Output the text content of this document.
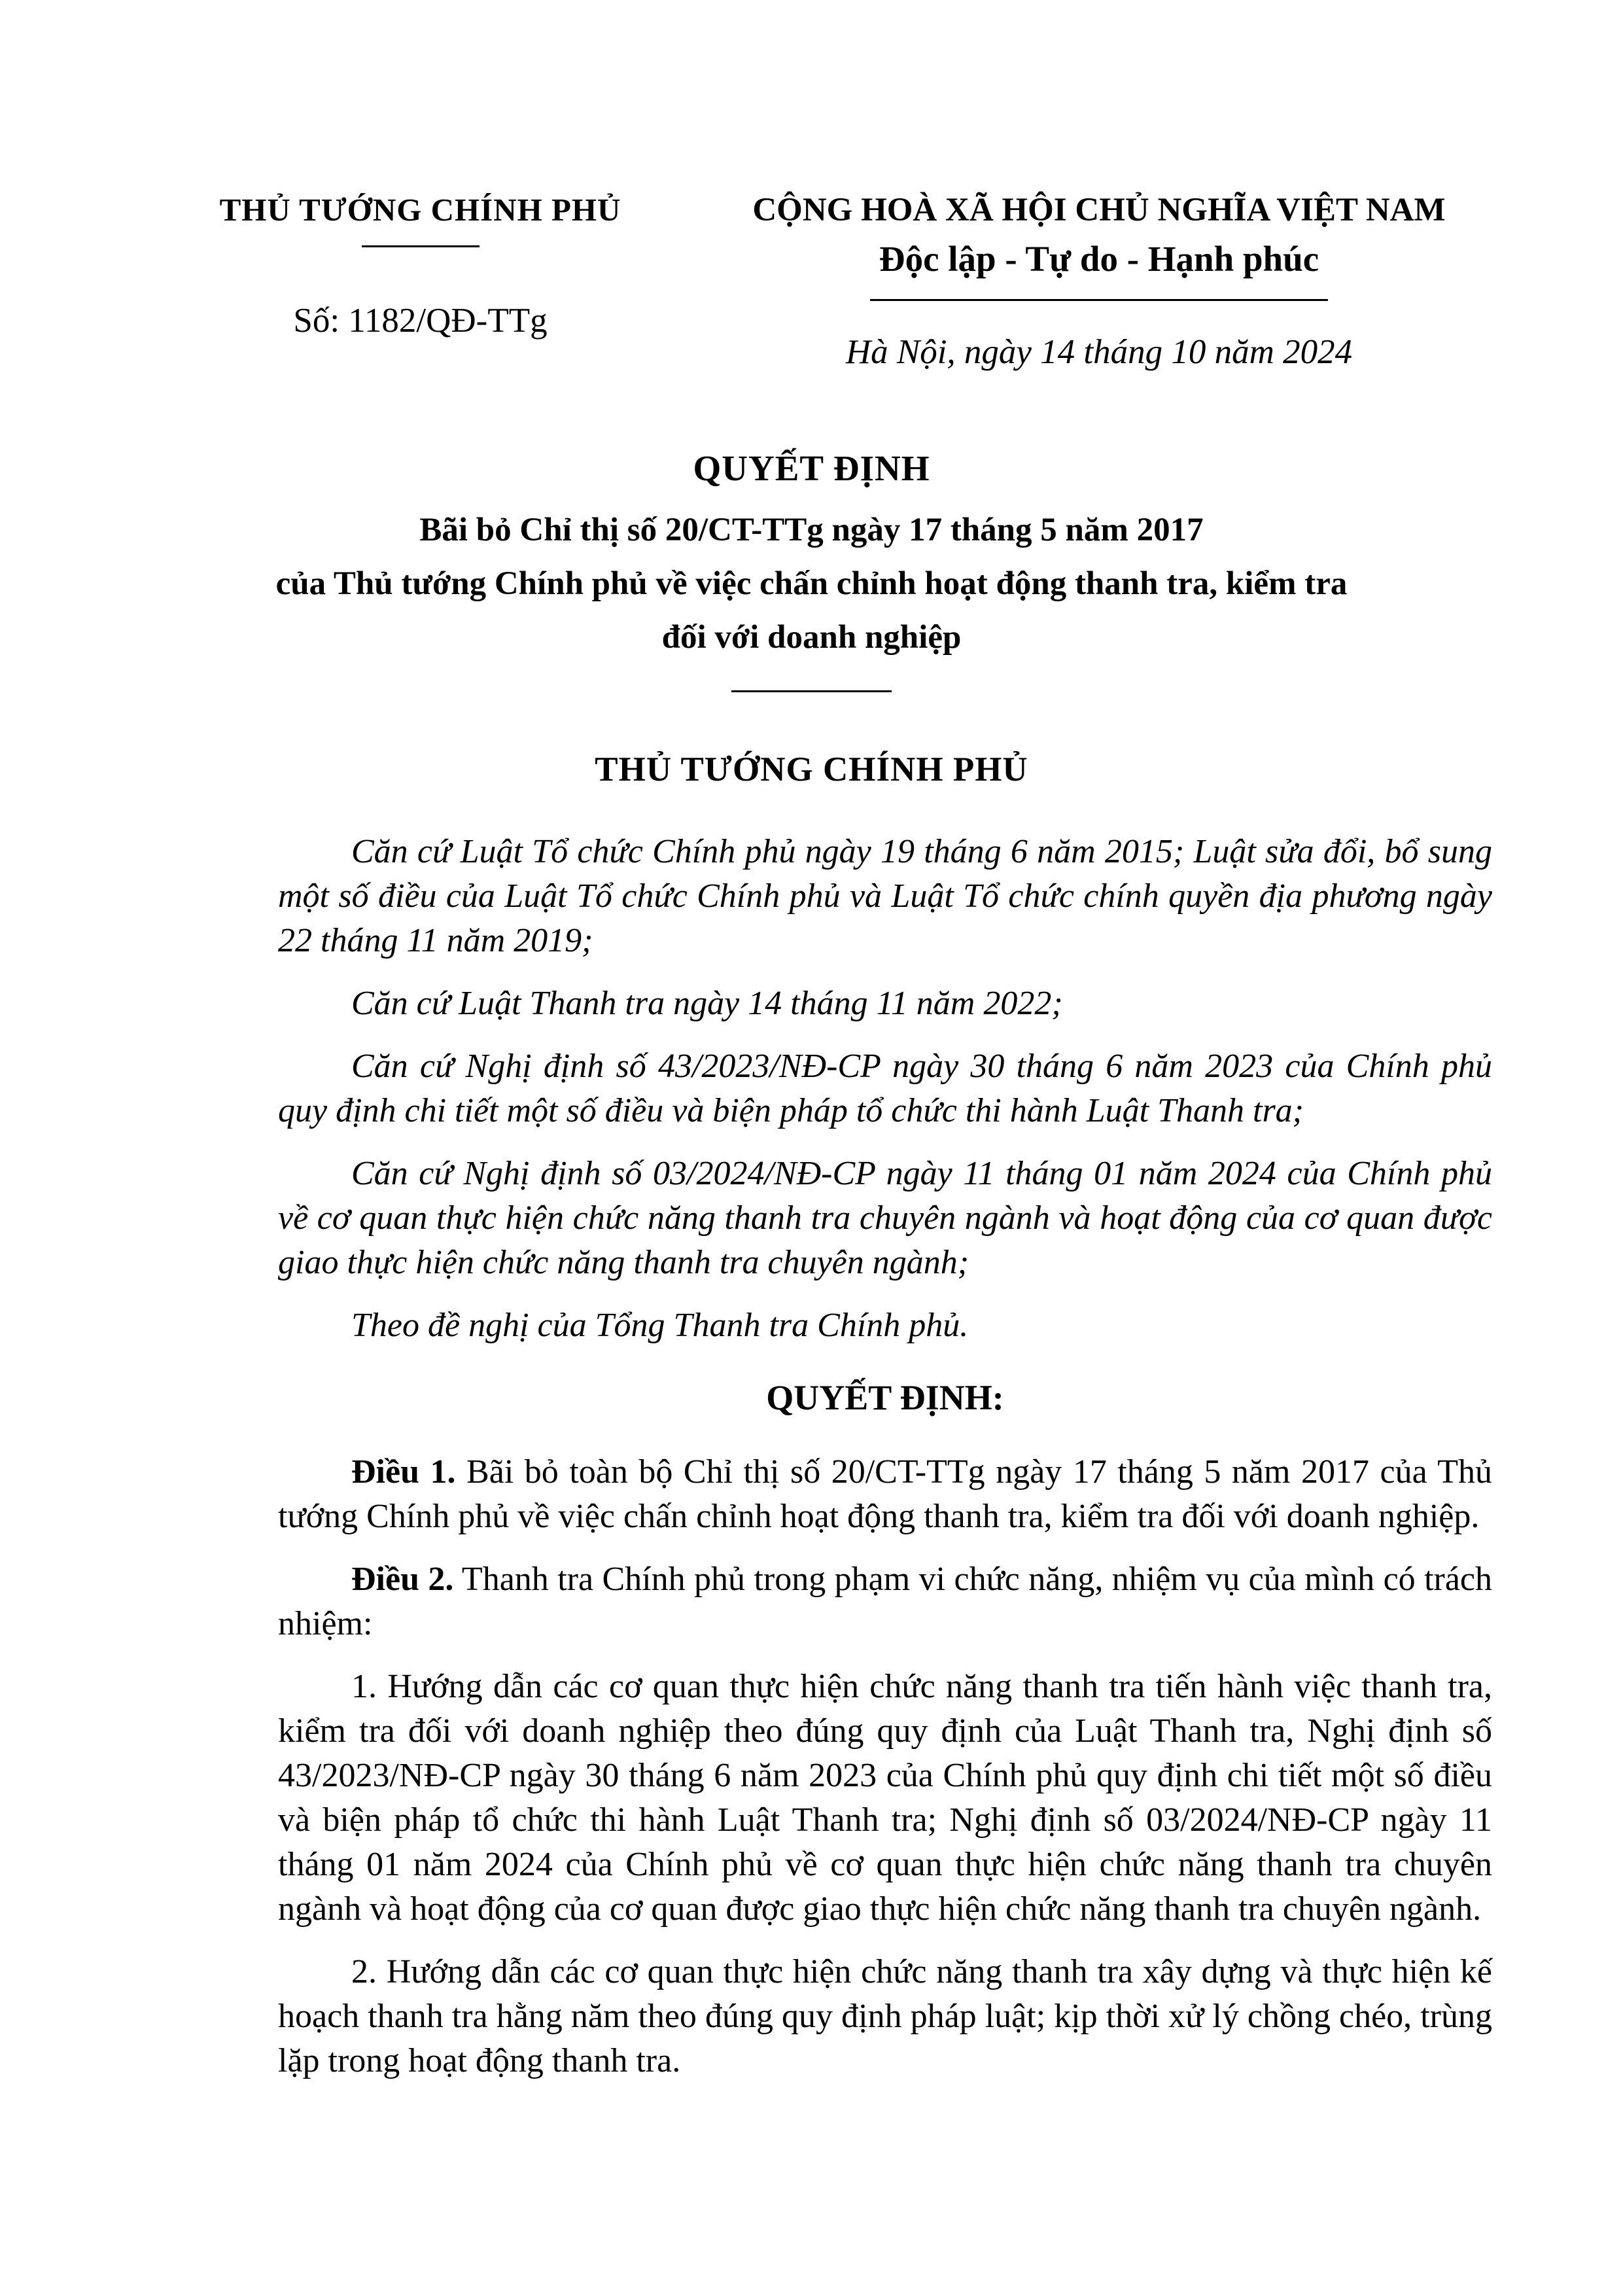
THỦ TƯỚNG CHÍNH PHỦ
Số: 1182/QĐ-TTg
CỘNG HOÀ XÃ HỘI CHỦ NGHĨA VIỆT NAM
Độc lập - Tự do - Hạnh phúc
Hà Nội, ngày 14 tháng 10 năm 2024
QUYẾT ĐỊNH
Bãi bỏ Chỉ thị số 20/CT-TTg ngày 17 tháng 5 năm 2017
của Thủ tướng Chính phủ về việc chấn chỉnh hoạt động thanh tra, kiểm tra
đối với doanh nghiệp
THỦ TƯỚNG CHÍNH PHỦ

Căn cứ Luật Tổ chức Chính phủ ngày 19 tháng 6 năm 2015; Luật sửa đổi, bổ sung một số điều của Luật Tổ chức Chính phủ và Luật Tổ chức chính quyền địa phương ngày 22 tháng 11 năm 2019;

Căn cứ Luật Thanh tra ngày 14 tháng 11 năm 2022;

Căn cứ Nghị định số 43/2023/NĐ-CP ngày 30 tháng 6 năm 2023 của Chính phủ quy định chi tiết một số điều và biện pháp tổ chức thi hành Luật Thanh tra;

Căn cứ Nghị định số 03/2024/NĐ-CP ngày 11 tháng 01 năm 2024 của Chính phủ về cơ quan thực hiện chức năng thanh tra chuyên ngành và hoạt động của cơ quan được giao thực hiện chức năng thanh tra chuyên ngành;

Theo đề nghị của Tổng Thanh tra Chính phủ.

QUYẾT ĐỊNH:

Điều 1. Bãi bỏ toàn bộ Chỉ thị số 20/CT-TTg ngày 17 tháng 5 năm 2017 của Thủ tướng Chính phủ về việc chấn chỉnh hoạt động thanh tra, kiểm tra đối với doanh nghiệp.

Điều 2. Thanh tra Chính phủ trong phạm vi chức năng, nhiệm vụ của mình có trách nhiệm:

1. Hướng dẫn các cơ quan thực hiện chức năng thanh tra tiến hành việc thanh tra, kiểm tra đối với doanh nghiệp theo đúng quy định của Luật Thanh tra, Nghị định số 43/2023/NĐ-CP ngày 30 tháng 6 năm 2023 của Chính phủ quy định chi tiết một số điều và biện pháp tổ chức thi hành Luật Thanh tra; Nghị định số 03/2024/NĐ-CP ngày 11 tháng 01 năm 2024 của Chính phủ về cơ quan thực hiện chức năng thanh tra chuyên ngành và hoạt động của cơ quan được giao thực hiện chức năng thanh tra chuyên ngành.

2. Hướng dẫn các cơ quan thực hiện chức năng thanh tra xây dựng và thực hiện kế hoạch thanh tra hằng năm theo đúng quy định pháp luật; kịp thời xử lý chồng chéo, trùng lặp trong hoạt động thanh tra.
